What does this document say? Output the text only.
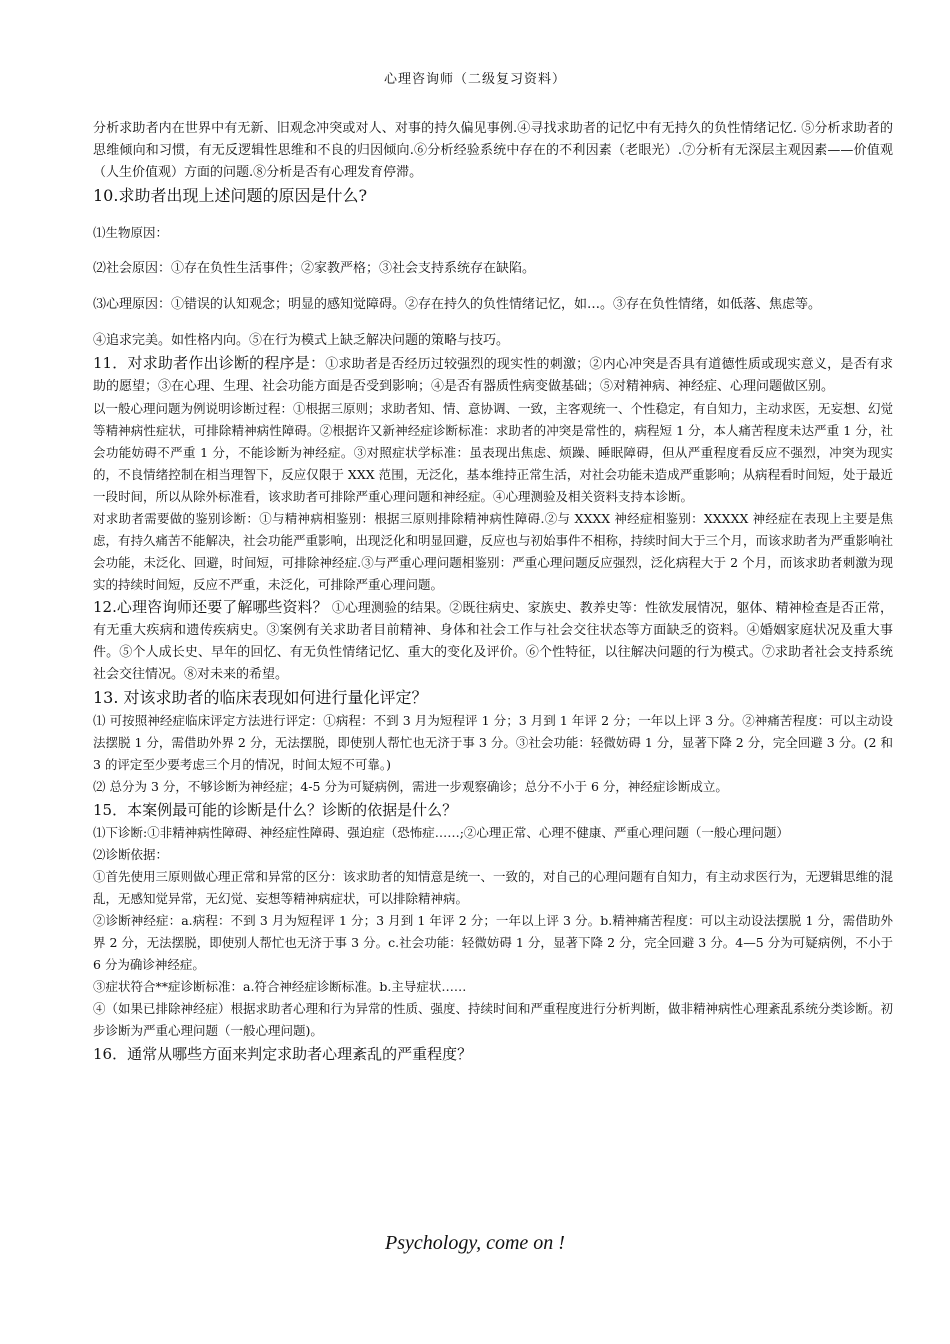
心理咨询师（二级复习资料）

分析求助者内在世界中有无新、旧观念冲突或对人、对事的持久偏见事例.④寻找求助者的记忆中有无持久的负性情绪记忆. ⑤分析求助者的思维倾向和习惯，有无反逻辑性思维和不良的归因倾向.⑥分析经验系统中存在的不利因素（老眼光）.⑦分析有无深层主观因素——价值观（人生价值观）方面的问题.⑧分析是否有心理发育停滞。

10.求助者出现上述问题的原因是什么?

⑴生物原因：

⑵社会原因：①存在负性生活事件；②家教严格；③社会支持系统存在缺陷。

⑶心理原因：①错误的认知观念；明显的感知觉障碍。②存在持久的负性情绪记忆，如…。③存在负性情绪，如低落、焦虑等。

④追求完美。如性格内向。⑤在行为模式上缺乏解决问题的策略与技巧。

11．对求助者作出诊断的程序是：①求助者是否经历过较强烈的现实性的刺激；②内心冲突是否具有道德性质或现实意义，是否有求助的愿望；③在心理、生理、社会功能方面是否受到影响；④是否有器质性病变做基础；⑤对精神病、神经症、心理问题做区别。

以一般心理问题为例说明诊断过程：①根据三原则；求助者知、情、意协调、一致，主客观统一、个性稳定，有自知力，主动求医，无妄想、幻觉等精神病性症状，可排除精神病性障碍。②根据许又新神经症诊断标准：求助者的冲突是常性的，病程短 1 分，本人痛苦程度未达严重 1 分，社会功能妨碍不严重 1 分，不能诊断为神经症。③对照症状学标准：虽表现出焦虑、烦躁、睡眠障碍，但从严重程度看反应不强烈，冲突为现实的，不良情绪控制在相当理智下，反应仅限于 XXX 范围，无泛化，基本维持正常生活，对社会功能未造成严重影响；从病程看时间短，处于最近一段时间，所以从除外标准看，该求助者可排除严重心理问题和神经症。④心理测验及相关资料支持本诊断。

对求助者需要做的鉴别诊断：①与精神病相鉴别：根据三原则排除精神病性障碍.②与 XXXX 神经症相鉴别：XXXXX 神经症在表现上主要是焦虑，有持久痛苦不能解决，社会功能严重影响，出现泛化和明显回避，反应也与初始事件不相称，持续时间大于三个月，而该求助者为严重影响社会功能，未泛化、回避，时间短，可排除神经症.③与严重心理问题相鉴别：严重心理问题反应强烈，泛化病程大于 2 个月，而该求助者刺激为现实的持续时间短，反应不严重，未泛化，可排除严重心理问题。

12.心理咨询师还要了解哪些资料？ ①心理测验的结果。②既往病史、家族史、教养史等：性欲发展情况，躯体、精神检查是否正常，有无重大疾病和遗传疾病史。③案例有关求助者目前精神、身体和社会工作与社会交往状态等方面缺乏的资料。④婚姻家庭状况及重大事件。⑤个人成长史、早年的回忆、有无负性情绪记忆、重大的变化及评价。⑥个性特征，以往解决问题的行为模式。⑦求助者社会支持系统 社会交往情况。⑧对未来的希望。

13. 对该求助者的临床表现如何进行量化评定？

⑴ 可按照神经症临床评定方法进行评定：①病程：不到 3 月为短程评 1 分；3 月到 1 年评 2 分；一年以上评 3 分。②神痛苦程度：可以主动设法摆脱 1 分，需借助外界 2 分，无法摆脱，即使别人帮忙也无济于事 3 分。③社会功能：轻微妨碍 1 分，显著下降 2 分，完全回避 3 分。(2 和 3 的评定至少要考虑三个月的情况，时间太短不可靠。)

⑵ 总分为 3 分，不够诊断为神经症；4-5 分为可疑病例，需进一步观察确诊；总分不小于 6 分，神经症诊断成立。

15．本案例最可能的诊断是什么？诊断的依据是什么？

⑴下诊断:①非精神病性障碍、神经症性障碍、强迫症（恐怖症……;②心理正常、心理不健康、严重心理问题（一般心理问题）

⑵诊断依据：

①首先使用三原则做心理正常和异常的区分：该求助者的知情意是统一、一致的，对自己的心理问题有自知力，有主动求医行为，无逻辑思维的混乱，无感知觉异常，无幻觉、妄想等精神病症状，可以排除精神病。

②诊断神经症：a.病程：不到 3 月为短程评 1 分；3 月到 1 年评 2 分；一年以上评 3 分。b.精神痛苦程度：可以主动设法摆脱 1 分，需借助外界 2 分，无法摆脱，即使别人帮忙也无济于事 3 分。c.社会功能：轻微妨碍 1 分，显著下降 2 分，完全回避 3 分。4—5 分为可疑病例，不小于 6 分为确诊神经症。

③症状符合**症诊断标准：a.符合神经症诊断标准。b.主导症状……

④（如果已排除神经症）根据求助者心理和行为异常的性质、强度、持续时间和严重程度进行分析判断，做非精神病性心理紊乱系统分类诊断。初步诊断为严重心理问题（一般心理问题)。

16．通常从哪些方面来判定求助者心理紊乱的严重程度？
Psychology, come on !
